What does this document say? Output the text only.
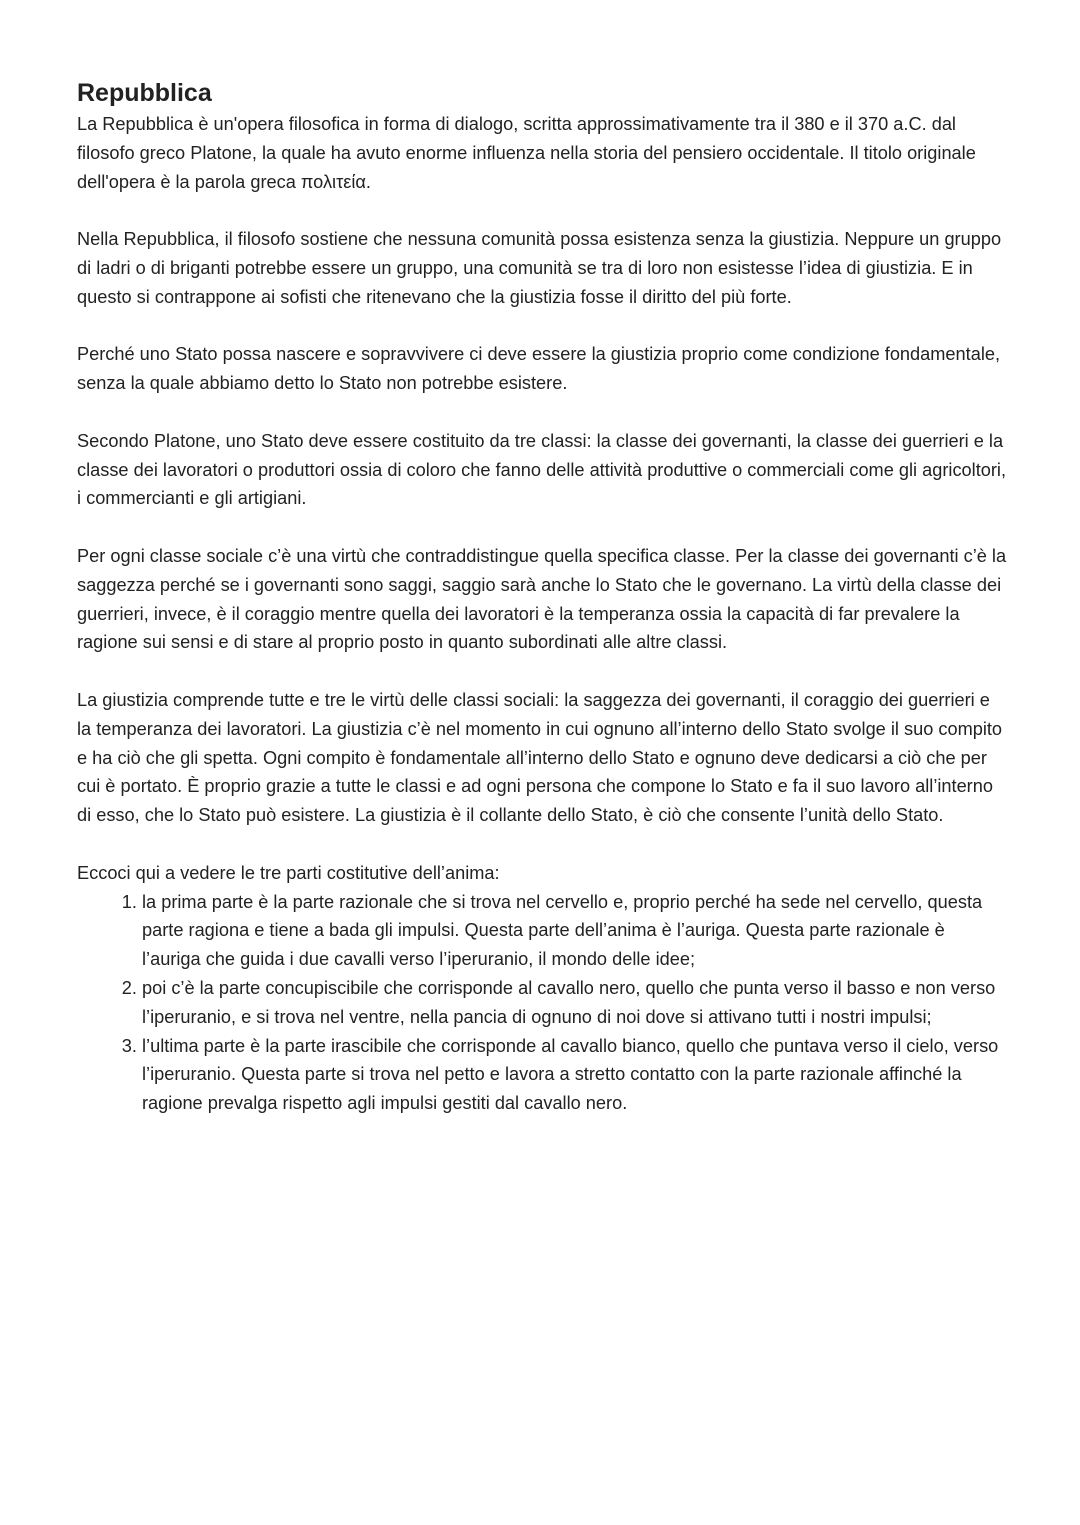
Repubblica

La Repubblica è un'opera filosofica in forma di dialogo, scritta approssimativamente tra il 380 e il 370 a.C. dal filosofo greco Platone, la quale ha avuto enorme influenza nella storia del pensiero occidentale. Il titolo originale dell'opera è la parola greca πολιτεία.

Nella Repubblica, il filosofo sostiene che nessuna comunità possa esistenza senza la giustizia. Neppure un gruppo di ladri o di briganti potrebbe essere un gruppo, una comunità se tra di loro non esistesse l’idea di giustizia. E in questo si contrappone ai sofisti che ritenevano che la giustizia fosse il diritto del più forte.

Perché uno Stato possa nascere e sopravvivere ci deve essere la giustizia proprio come condizione fondamentale, senza la quale abbiamo detto lo Stato non potrebbe esistere.

Secondo Platone, uno Stato deve essere costituito da tre classi: la classe dei governanti, la classe dei guerrieri e la classe dei lavoratori o produttori ossia di coloro che fanno delle attività produttive o commerciali come gli agricoltori, i commercianti e gli artigiani.

Per ogni classe sociale c’è una virtù che contraddistingue quella specifica classe. Per la classe dei governanti c’è la saggezza perché se i governanti sono saggi, saggio sarà anche lo Stato che le governano. La virtù della classe dei guerrieri, invece, è il coraggio mentre quella dei lavoratori è la temperanza ossia la capacità di far prevalere la ragione sui sensi e di stare al proprio posto in quanto subordinati alle altre classi.

La giustizia comprende tutte e tre le virtù delle classi sociali: la saggezza dei governanti, il coraggio dei guerrieri e la temperanza dei lavoratori. La giustizia c’è nel momento in cui ognuno all’interno dello Stato svolge il suo compito e ha ciò che gli spetta. Ogni compito è fondamentale all’interno dello Stato e ognuno deve dedicarsi a ciò che per cui è portato. È proprio grazie a tutte le classi e ad ogni persona che compone lo Stato e fa il suo lavoro all’interno di esso, che lo Stato può esistere. La giustizia è il collante dello Stato, è ciò che consente l’unità dello Stato.

Eccoci qui a vedere le tre parti costitutive dell’anima:

1. la prima parte è la parte razionale che si trova nel cervello e, proprio perché ha sede nel cervello, questa parte ragiona e tiene a bada gli impulsi. Questa parte dell’anima è l’auriga. Questa parte razionale è l’auriga che guida i due cavalli verso l’iperuranio, il mondo delle idee;
2. poi c’è la parte concupiscibile che corrisponde al cavallo nero, quello che punta verso il basso e non verso l’iperuranio, e si trova nel ventre, nella pancia di ognuno di noi dove si attivano tutti i nostri impulsi;
3. l’ultima parte è la parte irascibile che corrisponde al cavallo bianco, quello che puntava verso il cielo, verso l’iperuranio. Questa parte si trova nel petto e lavora a stretto contatto con la parte razionale affinché la ragione prevalga rispetto agli impulsi gestiti dal cavallo nero.
